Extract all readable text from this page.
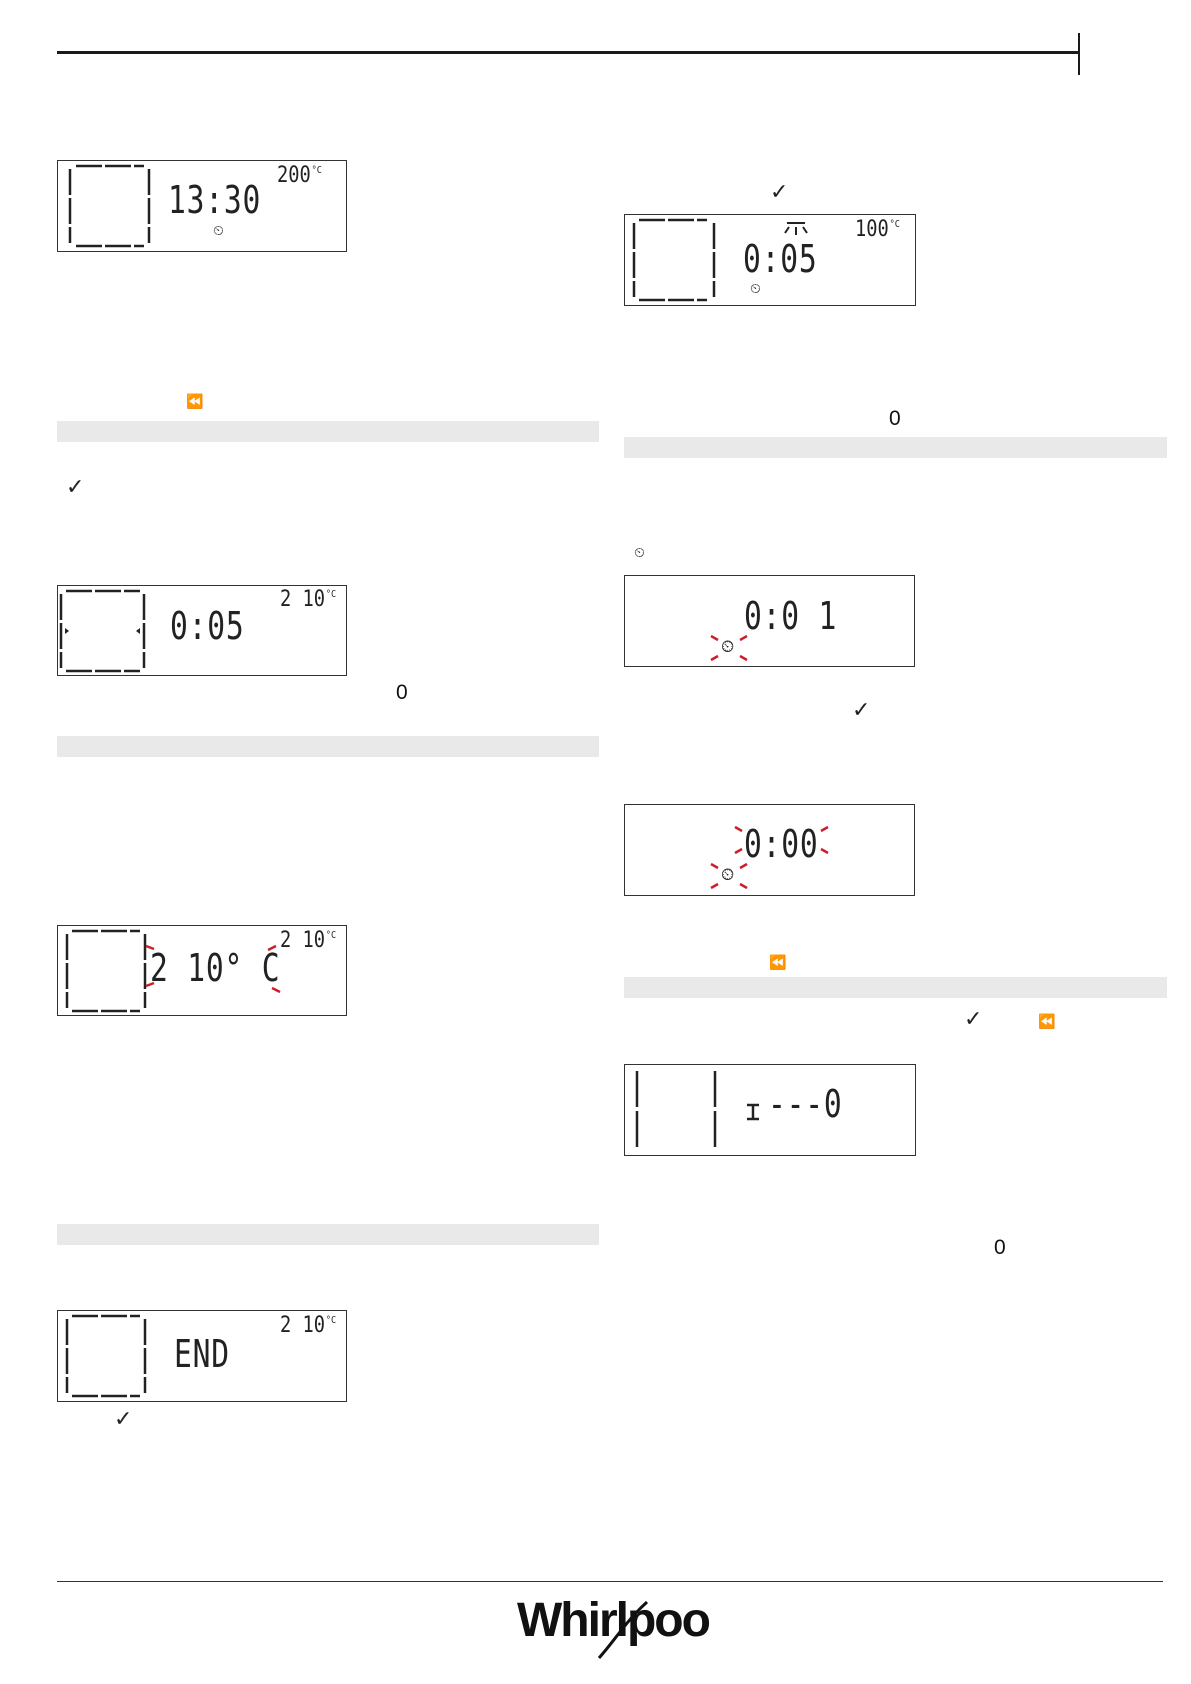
13:30
$200^{^\circ C}$
⏲
⏪
✓
0:05
2 $10^{^\circ C}$
0
2 10° C
2 $10^{^\circ C}$
END
2 $10^{^\circ C}$
✓
✓
0:05
$100^{^\circ C}$
⏲
0
⏲
0:0 1
⏲
✓
0:00
⏲
⏪
✓	⏪
---0
0
Whirlpool
